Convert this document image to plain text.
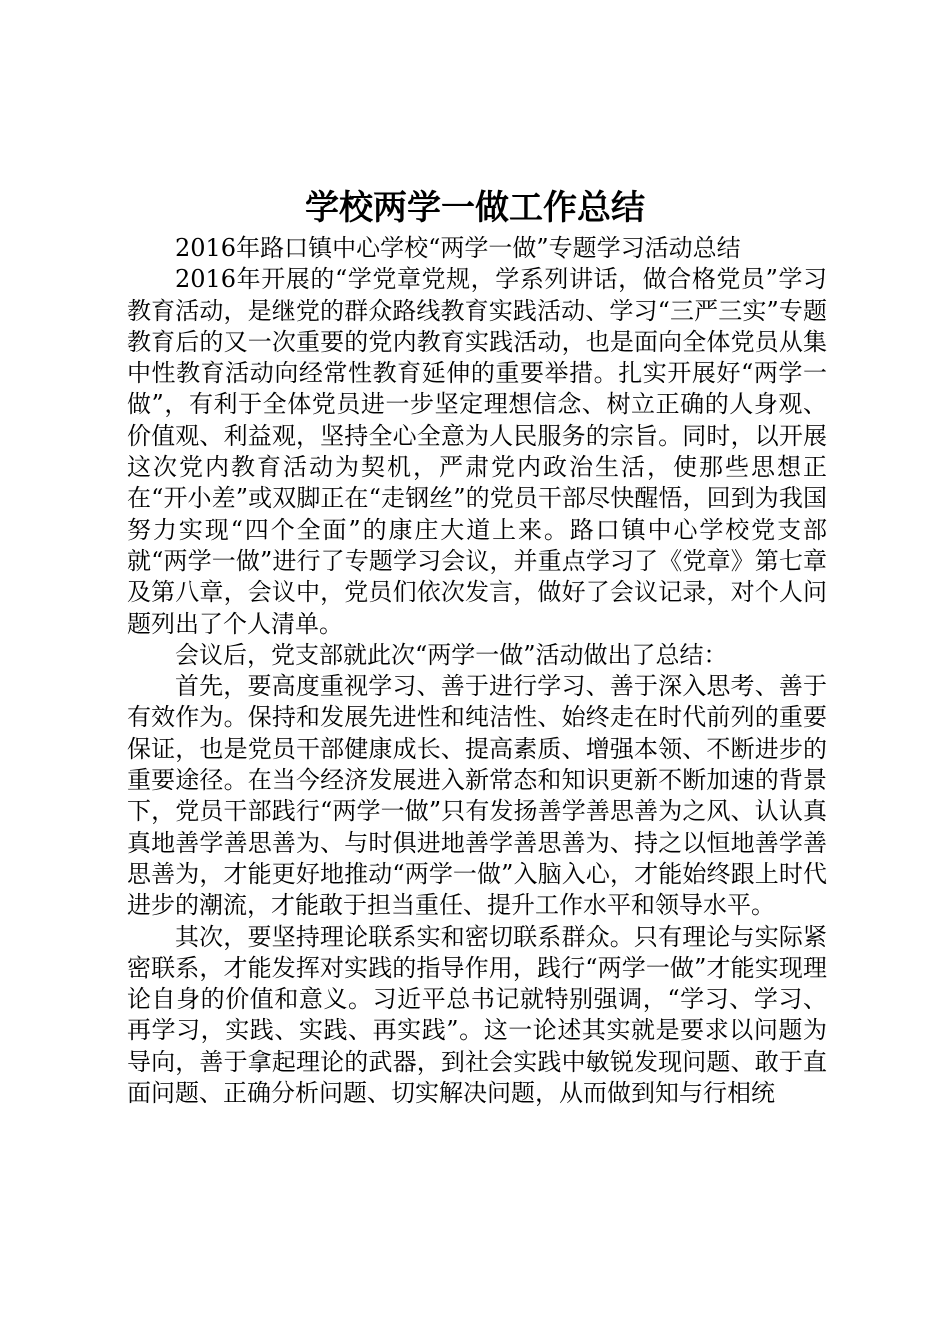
学校两学一做工作总结

2016年路口镇中心学校“两学一做”专题学习活动总结

2016年开展的“学党章党规，学系列讲话，做合格党员”学习教育活动，是继党的群众路线教育实践活动、学习“三严三实”专题教育后的又一次重要的党内教育实践活动，也是面向全体党员从集中性教育活动向经常性教育延伸的重要举措。扎实开展好“两学一做”，有利于全体党员进一步坚定理想信念、树立正确的人身观、价值观、利益观，坚持全心全意为人民服务的宗旨。同时，以开展这次党内教育活动为契机，严肃党内政治生活，使那些思想正在“开小差”或双脚正在“走钢丝”的党员干部尽快醒悟，回到为我国努力实现“四个全面”的康庄大道上来。路口镇中心学校党支部就“两学一做”进行了专题学习会议，并重点学习了《党章》第七章及第八章，会议中，党员们依次发言，做好了会议记录，对个人问题列出了个人清单。

会议后，党支部就此次“两学一做”活动做出了总结：

首先，要高度重视学习、善于进行学习、善于深入思考、善于有效作为。保持和发展先进性和纯洁性、始终走在时代前列的重要保证，也是党员干部健康成长、提高素质、增强本领、不断进步的重要途径。在当今经济发展进入新常态和知识更新不断加速的背景下，党员干部践行“两学一做”只有发扬善学善思善为之风、认认真真地善学善思善为、与时俱进地善学善思善为、持之以恒地善学善思善为，才能更好地推动“两学一做”入脑入心，才能始终跟上时代进步的潮流，才能敢于担当重任、提升工作水平和领导水平。

其次，要坚持理论联系实和密切联系群众。只有理论与实际紧密联系，才能发挥对实践的指导作用，践行“两学一做”才能实现理论自身的价值和意义。习近平总书记就特别强调，“学习、学习、再学习，实践、实践、再实践”。这一论述其实就是要求以问题为导向，善于拿起理论的武器，到社会实践中敏锐发现问题、敢于直面问题、正确分析问题、切实解决问题，从而做到知与行相统
